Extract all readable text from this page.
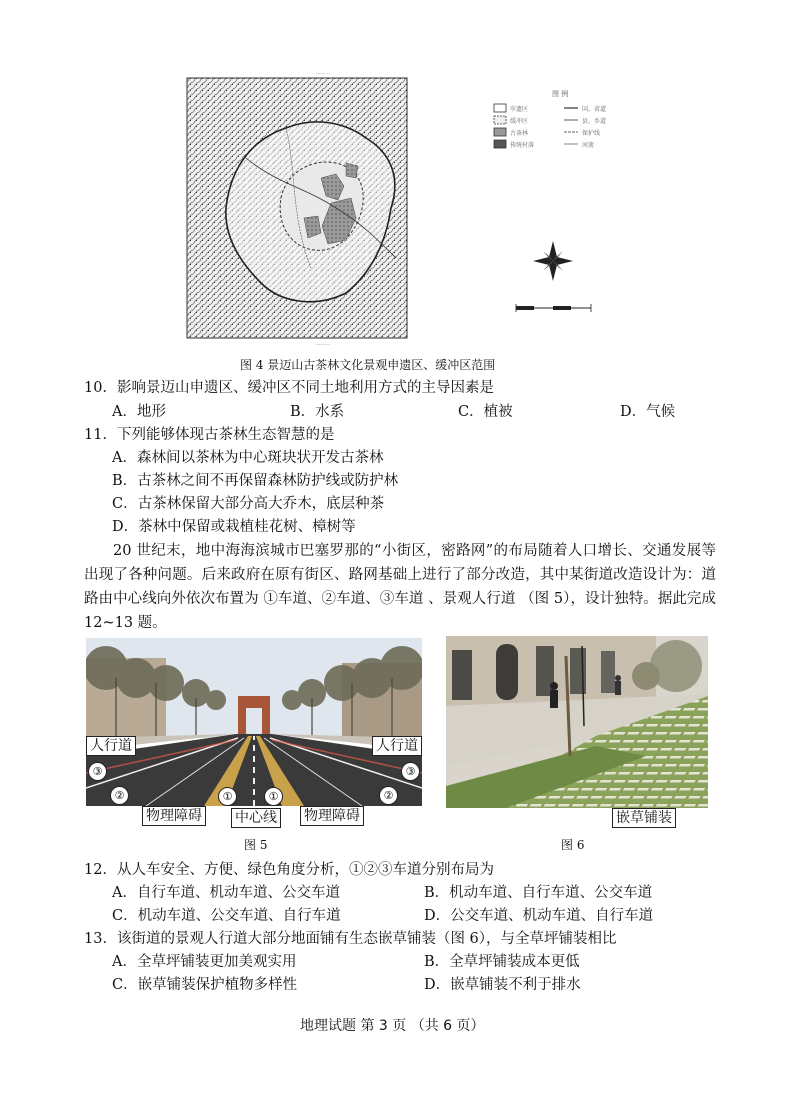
·········
·········
图 例
申遗区
缓冲区
古茶林
传统村落
国、省道
县、乡道
保护线
河流
图 4 景迈山古茶林文化景观申遗区、缓冲区范围
10．影响景迈山申遗区、缓冲区不同土地利用方式的主导因素是
A．地形	B．水系	C．植被	D．气候
11．下列能够体现古茶林生态智慧的是
A．森林间以茶林为中心斑块状开发古茶林
B．古茶林之间不再保留森林防护线或防护林
C．古茶林保留大部分高大乔木，底层种茶
D．茶林中保留或栽植桂花树、樟树等
20 世纪末，地中海海滨城市巴塞罗那的“小街区，密路网”的布局随着人口增长、交通发展等出现了各种问题。后来政府在原有街区、路网基础上进行了部分改造，其中某街道改造设计为：道路由中心线向外依次布置为 ①车道、②车道、③车道 、景观人行道 （图 5），设计独特。据此完成 12~13 题。
人行道	人行道
③
②
③
②
①	①
物理障碍 中心线 物理障碍
图 5
嵌草铺装
图 6
12．从人车安全、方便、绿色角度分析，①②③车道分别布局为
A．自行车道、机动车道、公交车道	B．机动车道、自行车道、公交车道
C．机动车道、公交车道、自行车道	D．公交车道、机动车道、自行车道
13．该街道的景观人行道大部分地面铺有生态嵌草铺装（图 6），与全草坪铺装相比
A．全草坪铺装更加美观实用	B．全草坪铺装成本更低
C．嵌草铺装保护植物多样性	D．嵌草铺装不利于排水
地理试题 第 3 页 （共 6 页）
